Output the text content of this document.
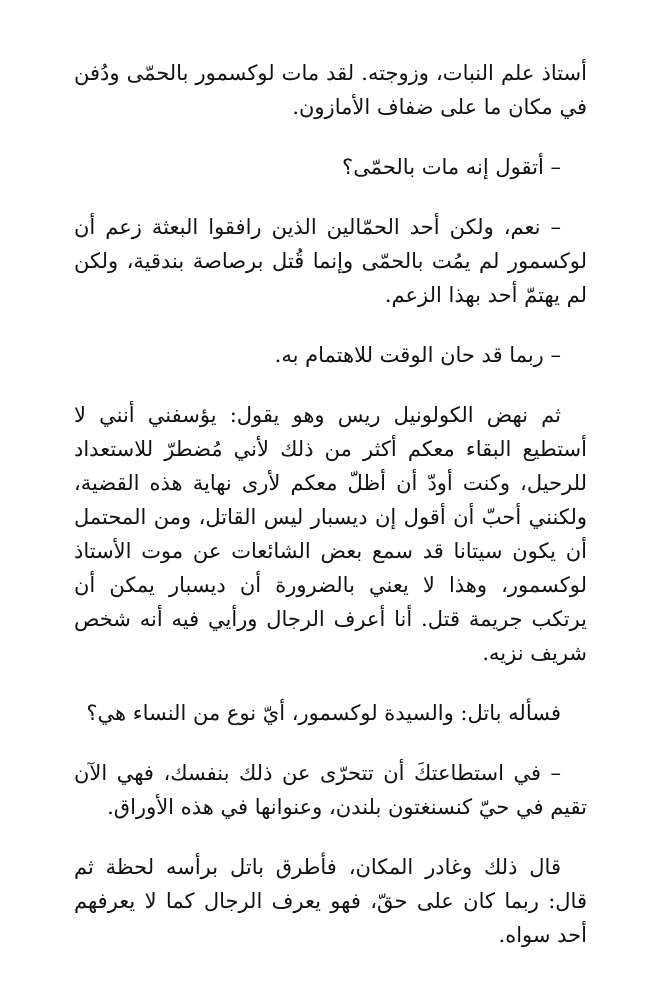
أستاذ علم النبات، وزوجته. لقد مات لوكسمور بالحمّى ودُفن في مكان ما على ضفاف الأمازون.

– أتقول إنه مات بالحمّى؟

– نعم، ولكن أحد الحمّالين الذين رافقوا البعثة زعم أن لوكسمور لم يمُت بالحمّى وإنما قُتل برصاصة بندقية، ولكن لم يهتمّ أحد بهذا الزعم.

– ربما قد حان الوقت للاهتمام به.

ثم نهض الكولونيل ريس وهو يقول: يؤسفني أنني لا أستطيع البقاء معكم أكثر من ذلك لأني مُضطرّ للاستعداد للرحيل، وكنت أودّ أن أظلّ معكم لأرى نهاية هذه القضية، ولكنني أحبّ أن أقول إن ديسبار ليس القاتل، ومن المحتمل أن يكون سيتانا قد سمع بعض الشائعات عن موت الأستاذ لوكسمور، وهذا لا يعني بالضرورة أن ديسبار يمكن أن يرتكب جريمة قتل. أنا أعرف الرجال ورأيي فيه أنه شخص شريف نزيه.

فسأله باتل: والسيدة لوكسمور، أيّ نوع من النساء هي؟

– في استطاعتكَ أن تتحرّى عن ذلك بنفسك، فهي الآن تقيم في حيّ كنسنغتون بلندن، وعنوانها في هذه الأوراق.

قال ذلك وغادر المكان، فأطرق باتل برأسه لحظة ثم قال: ربما كان على حقّ، فهو يعرف الرجال كما لا يعرفهم أحد سواه.
